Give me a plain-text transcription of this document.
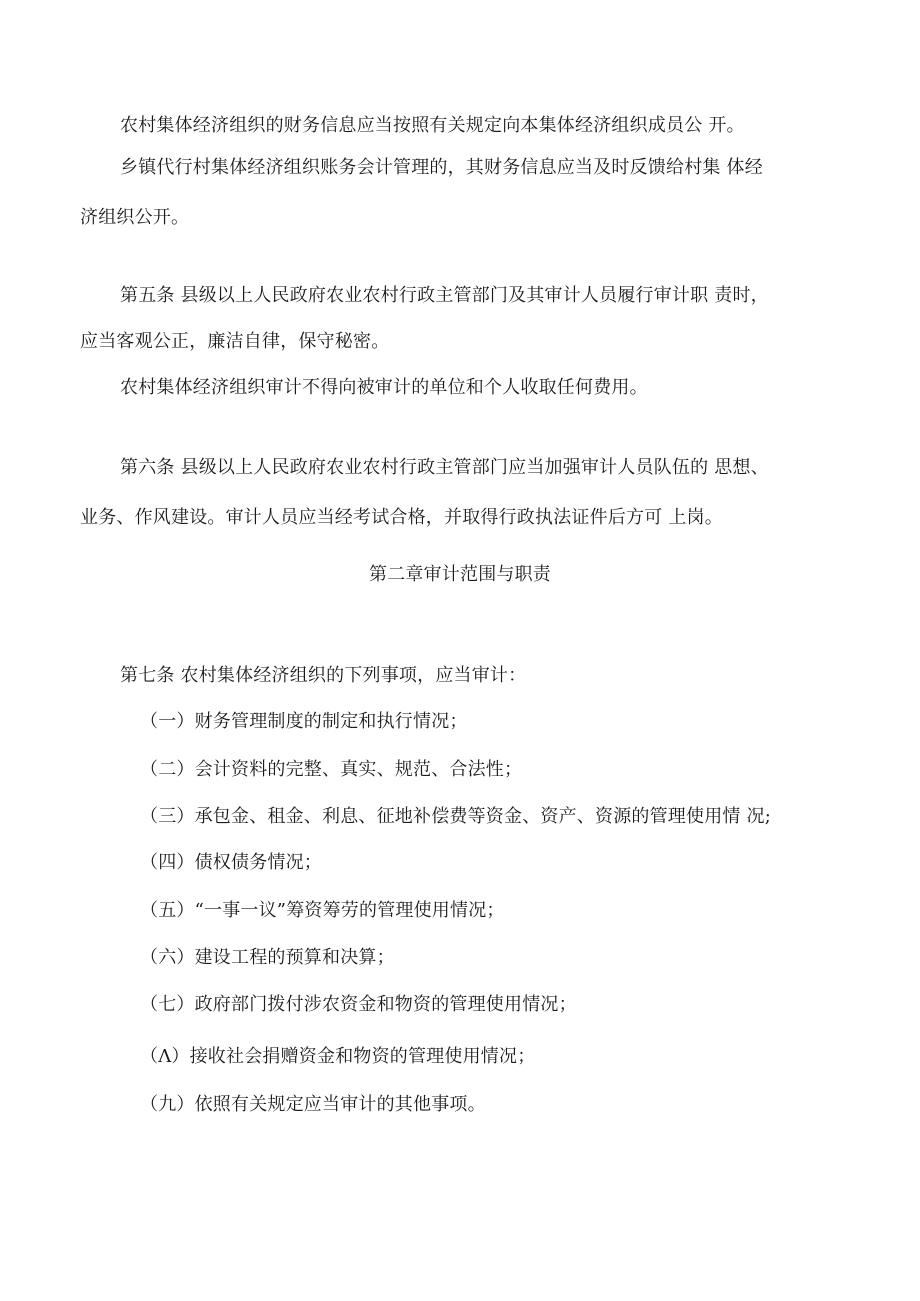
农村集体经济组织的财务信息应当按照有关规定向本集体经济组织成员公 开。
乡镇代行村集体经济组织账务会计管理的，其财务信息应当及时反馈给村集 体经
济组织公开。
第五条 县级以上人民政府农业农村行政主管部门及其审计人员履行审计职 责时，
应当客观公正，廉洁自律，保守秘密。
农村集体经济组织审计不得向被审计的单位和个人收取任何费用。
第六条 县级以上人民政府农业农村行政主管部门应当加强审计人员队伍的 思想、
业务、作风建设。审计人员应当经考试合格，并取得行政执法证件后方可 上岗。
第二章审计范围与职责
第七条 农村集体经济组织的下列事项，应当审计：
（一）财务管理制度的制定和执行情况；
（二）会计资料的完整、真实、规范、合法性；
（三）承包金、租金、利息、征地补偿费等资金、资产、资源的管理使用情 况;
（四）债权债务情况；
（五）“一事一议”筹资筹劳的管理使用情况；
（六）建设工程的预算和决算；
（七）政府部门拨付涉农资金和物资的管理使用情况；
（Λ）接收社会捐赠资金和物资的管理使用情况；
（九）依照有关规定应当审计的其他事项。
